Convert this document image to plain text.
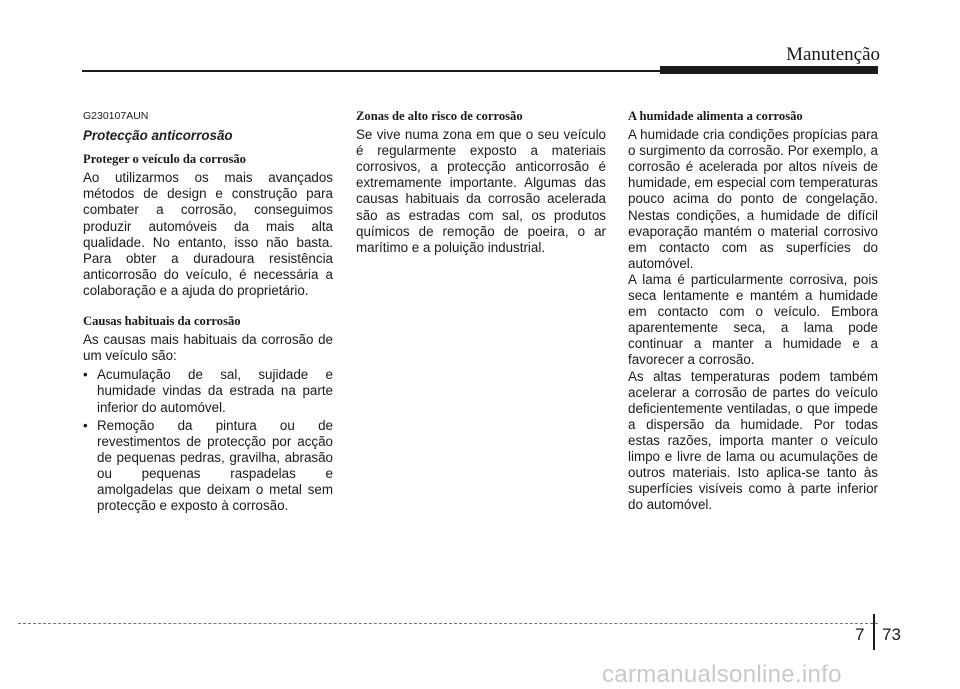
Manutenção

G230107AUN

Protecção anticorrosão

Proteger o veículo da corrosão

Ao utilizarmos os mais avançados métodos de design e construção para combater a corrosão, conseguimos produzir automóveis da mais alta qualidade. No entanto, isso não basta. Para obter a duradoura resistência anticorrosão do veículo, é necessária a colaboração e a ajuda do proprietário.

Causas habituais da corrosão

As causas mais habituais da corrosão de um veículo são:

• Acumulação de sal, sujidade e humidade vindas da estrada na parte inferior do automóvel.
• Remoção da pintura ou de revestimentos de protecção por acção de pequenas pedras, gravilha, abrasão ou pequenas raspadelas e amolgadelas que deixam o metal sem protecção e exposto à corrosão.

Zonas de alto risco de corrosão

Se vive numa zona em que o seu veículo é regularmente exposto a materiais corrosivos, a protecção anticorrosão é extremamente importante. Algumas das causas habituais da corrosão acelerada são as estradas com sal, os produtos químicos de remoção de poeira, o ar marítimo e a poluição industrial.

A humidade alimenta a corrosão

A humidade cria condições propícias para o surgimento da corrosão. Por exemplo, a corrosão é acelerada por altos níveis de humidade, em especial com temperaturas pouco acima do ponto de congelação. Nestas condições, a humidade de difícil evaporação mantém o material corrosivo em contacto com as superfícies do automóvel.

A lama é particularmente corrosiva, pois seca lentamente e mantém a humidade em contacto com o veículo. Embora aparentemente seca, a lama pode continuar a manter a humidade e a favorecer a corrosão.

As altas temperaturas podem também acelerar a corrosão de partes do veículo deficientemente ventiladas, o que impede a dispersão da humidade. Por todas estas razões, importa manter o veículo limpo e livre de lama ou acumulações de outros materiais. Isto aplica-se tanto às superfícies visíveis como à parte inferior do automóvel.

7 73
carmanualsonline.info
